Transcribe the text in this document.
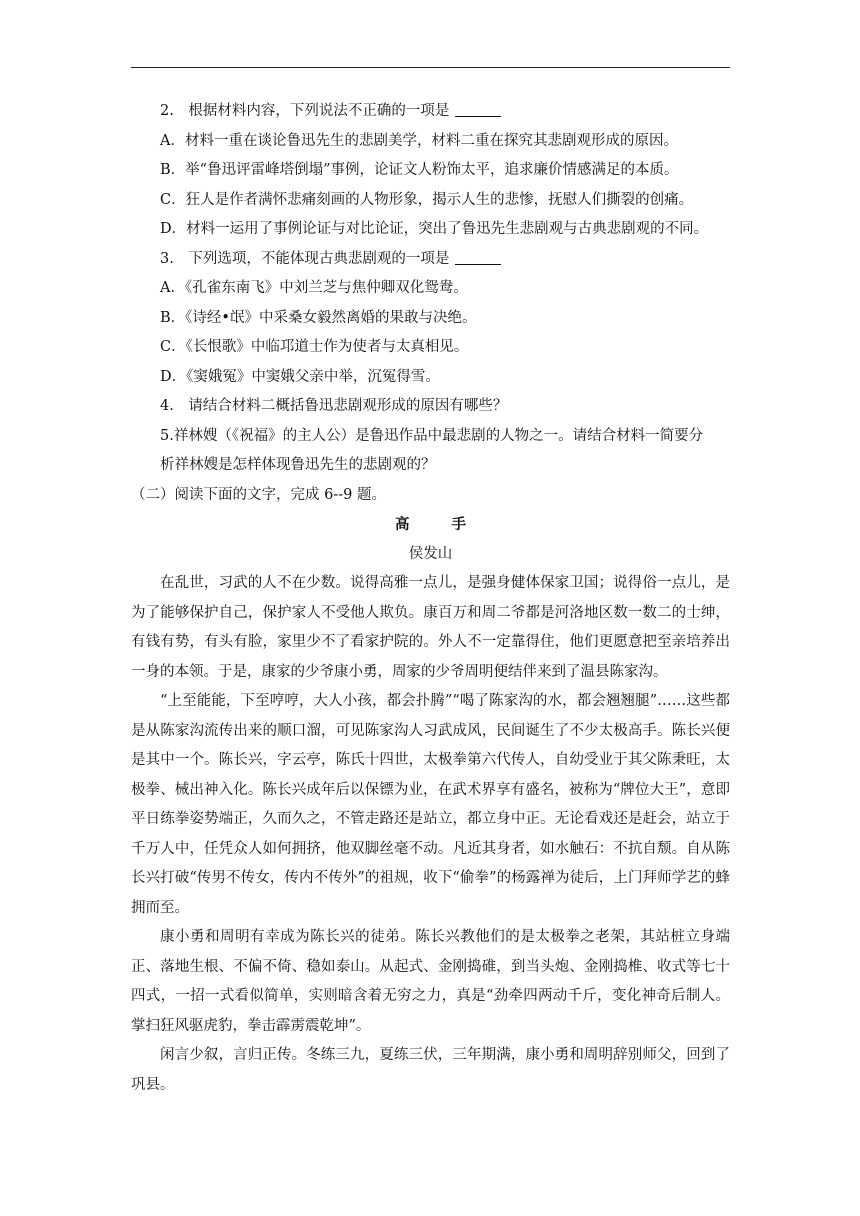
2.　根据材料内容，下列说法不正确的一项是
A．材料一重在谈论鲁迅先生的悲剧美学，材料二重在探究其悲剧观形成的原因。
B．举“鲁迅评雷峰塔倒塌”事例，论证文人粉饰太平，追求廉价情感满足的本质。
C．狂人是作者满怀悲痛刻画的人物形象，揭示人生的悲惨，抚慰人们撕裂的创痛。
D．材料一运用了事例论证与对比论证，突出了鲁迅先生悲剧观与古典悲剧观的不同。
3.　下列选项，不能体现古典悲剧观的一项是
A．《孔雀东南飞》中刘兰芝与焦仲卿双化鸳鸯。
B．《诗经•氓》中采桑女毅然离婚的果敢与决绝。
C．《长恨歌》中临邛道士作为使者与太真相见。
D．《窦娥冤》中窦娥父亲中举，沉冤得雪。
4.　请结合材料二概括鲁迅悲剧观形成的原因有哪些？
5.祥林嫂（《祝福》的主人公）是鲁迅作品中最悲剧的人物之一。请结合材料一简要分
析祥林嫂是怎样体现鲁迅先生的悲剧观的？
（二）阅读下面的文字，完成 6--9 题。
高	手
侯发山

在乱世，习武的人不在少数。说得高雅一点儿，是强身健体保家卫国；说得俗一点儿，是为了能够保护自己，保护家人不受他人欺负。康百万和周二爷都是河洛地区数一数二的士绅，有钱有势，有头有脸，家里少不了看家护院的。外人不一定靠得住，他们更愿意把至亲培养出一身的本领。于是，康家的少爷康小勇，周家的少爷周明便结伴来到了温县陈家沟。

“上至能能，下至哼哼，大人小孩，都会扑腾”“喝了陈家沟的水，都会翘翘腿”……这些都是从陈家沟流传出来的顺口溜，可见陈家沟人习武成风，民间诞生了不少太极高手。陈长兴便是其中一个。陈长兴，字云亭，陈氏十四世，太极拳第六代传人，自幼受业于其父陈秉旺，太极拳、械出神入化。陈长兴成年后以保镖为业，在武术界享有盛名，被称为“牌位大王”，意即平日练拳姿势端正，久而久之，不管走路还是站立，都立身中正。无论看戏还是赶会，站立于千万人中，任凭众人如何拥挤，他双脚丝毫不动。凡近其身者，如水触石：不抗自颓。自从陈长兴打破“传男不传女，传内不传外”的祖规，收下“偷拳”的杨露禅为徒后，上门拜师学艺的蜂拥而至。

康小勇和周明有幸成为陈长兴的徒弟。陈长兴教他们的是太极拳之老架，其站桩立身端正、落地生根、不偏不倚、稳如泰山。从起式、金刚捣碓，到当头炮、金刚捣椎、收式等七十四式，一招一式看似简单，实则暗含着无穷之力，真是“劲牵四两动千斤，变化神奇后制人。掌扫狂风驱虎豹，拳击霹雳震乾坤”。

闲言少叙，言归正传。冬练三九，夏练三伏，三年期满，康小勇和周明辞别师父，回到了巩县。
